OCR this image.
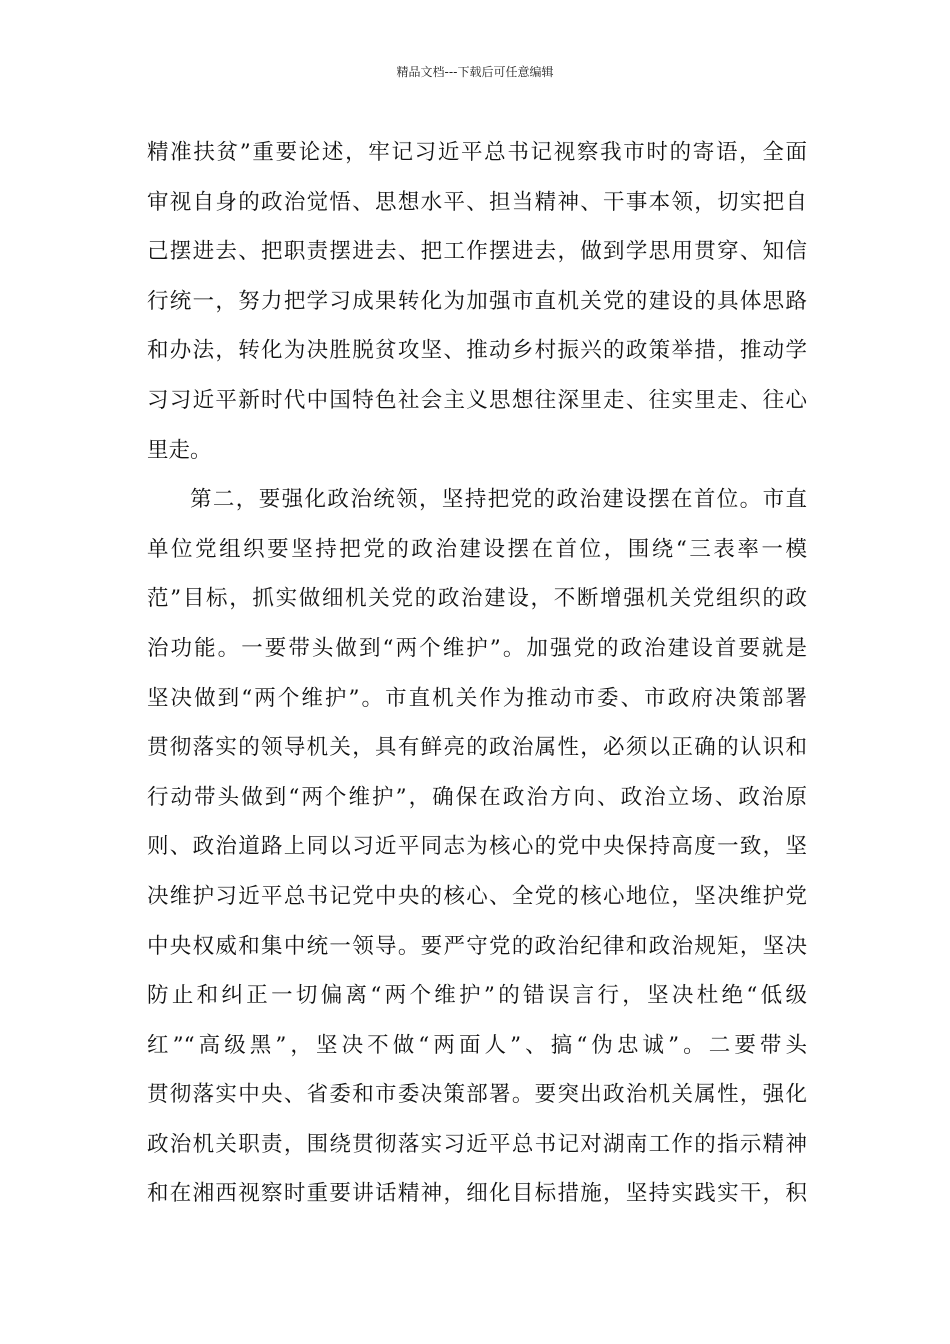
精品文档---下载后可任意编辑
精准扶贫”重要论述，牢记习近平总书记视察我市时的寄语，全面
审视自身的政治觉悟、思想水平、担当精神、干事本领，切实把自
己摆进去、把职责摆进去、把工作摆进去，做到学思用贯穿、知信
行统一，努力把学习成果转化为加强市直机关党的建设的具体思路
和办法，转化为决胜脱贫攻坚、推动乡村振兴的政策举措，推动学
习习近平新时代中国特色社会主义思想往深里走、往实里走、往心
里走。
第二，要强化政治统领，坚持把党的政治建设摆在首位。市直
单位党组织要坚持把党的政治建设摆在首位，围绕“三表率一模
范”目标，抓实做细机关党的政治建设，不断增强机关党组织的政
治功能。一要带头做到“两个维护”。加强党的政治建设首要就是
坚决做到“两个维护”。市直机关作为推动市委、市政府决策部署
贯彻落实的领导机关，具有鲜亮的政治属性，必须以正确的认识和
行动带头做到“两个维护”，确保在政治方向、政治立场、政治原
则、政治道路上同以习近平同志为核心的党中央保持高度一致，坚
决维护习近平总书记党中央的核心、全党的核心地位，坚决维护党
中央权威和集中统一领导。要严守党的政治纪律和政治规矩，坚决
防止和纠正一切偏离“两个维护”的错误言行，坚决杜绝“低级
红”“高级黑”，坚决不做“两面人”、搞“伪忠诚”。二要带头
贯彻落实中央、省委和市委决策部署。要突出政治机关属性，强化
政治机关职责，围绕贯彻落实习近平总书记对湖南工作的指示精神
和在湘西视察时重要讲话精神，细化目标措施，坚持实践实干，积
